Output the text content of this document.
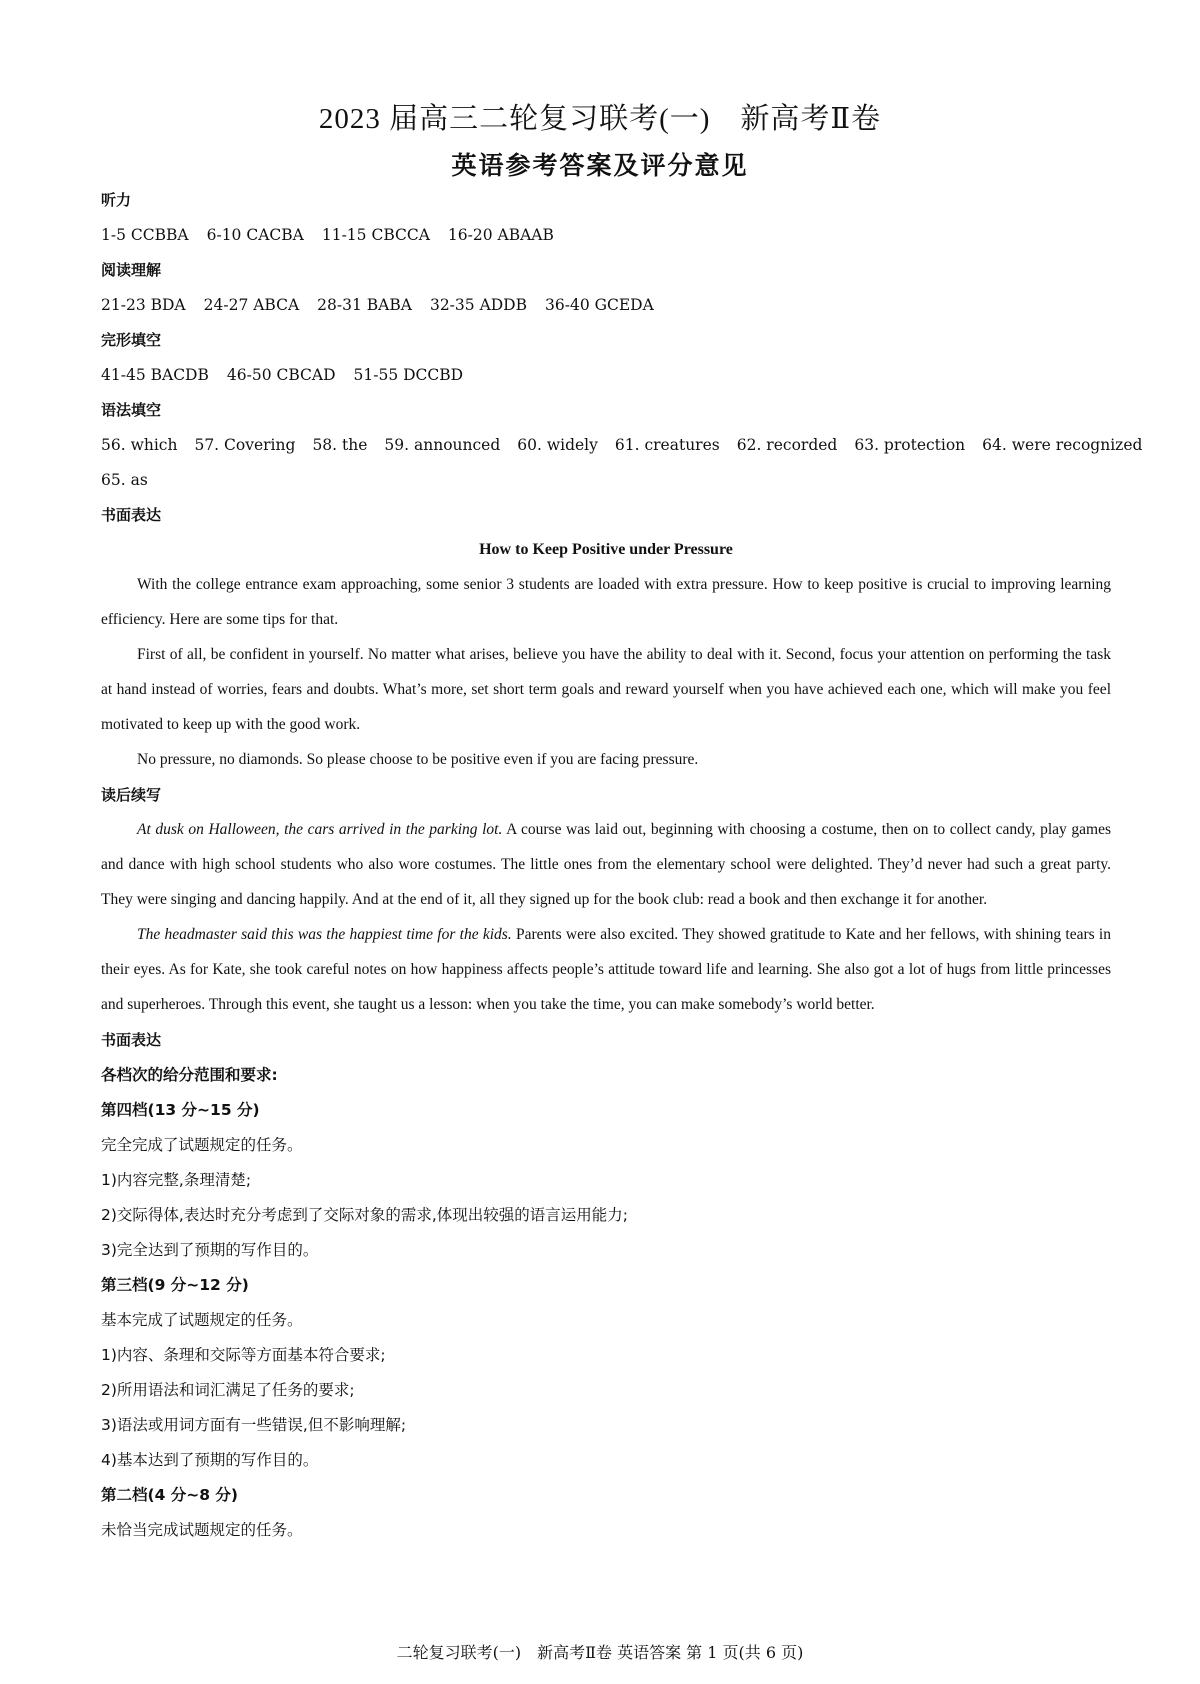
2023 届高三二轮复习联考(一)　新高考Ⅱ卷
英语参考答案及评分意见
听力
1-5 CCBBA 6-10 CACBA 11-15 CBCCA 16-20 ABAAB
阅读理解
21-23 BDA 24-27 ABCA 28-31 BABA 32-35 ADDB 36-40 GCEDA
完形填空
41-45 BACDB 46-50 CBCAD 51-55 DCCBD
语法填空
56. which 57. Covering 58. the 59. announced 60. widely 61. creatures 62. recorded 63. protection 64. were recognized
65. as
书面表达
How to Keep Positive under Pressure
With the college entrance exam approaching, some senior 3 students are loaded with extra pressure. How to keep positive is crucial to improving learning efficiency. Here are some tips for that.
First of all, be confident in yourself. No matter what arises, believe you have the ability to deal with it. Second, focus your attention on performing the task at hand instead of worries, fears and doubts. What’s more, set short term goals and reward yourself when you have achieved each one, which will make you feel motivated to keep up with the good work.
No pressure, no diamonds. So please choose to be positive even if you are facing pressure.
读后续写
At dusk on Halloween, the cars arrived in the parking lot. A course was laid out, beginning with choosing a costume, then on to collect candy, play games and dance with high school students who also wore costumes. The little ones from the elementary school were delighted. They’d never had such a great party. They were singing and dancing happily. And at the end of it, all they signed up for the book club: read a book and then exchange it for another.
The headmaster said this was the happiest time for the kids. Parents were also excited. They showed gratitude to Kate and her fellows, with shining tears in their eyes. As for Kate, she took careful notes on how happiness affects people’s attitude toward life and learning. She also got a lot of hugs from little princesses and superheroes. Through this event, she taught us a lesson: when you take the time, you can make somebody’s world better.
书面表达
各档次的给分范围和要求:
第四档(13 分~15 分)
完全完成了试题规定的任务。
1)内容完整,条理清楚;
2)交际得体,表达时充分考虑到了交际对象的需求,体现出较强的语言运用能力;
3)完全达到了预期的写作目的。
第三档(9 分~12 分)
基本完成了试题规定的任务。
1)内容、条理和交际等方面基本符合要求;
2)所用语法和词汇满足了任务的要求;
3)语法或用词方面有一些错误,但不影响理解;
4)基本达到了预期的写作目的。
第二档(4 分~8 分)
未恰当完成试题规定的任务。
二轮复习联考(一)　新高考Ⅱ卷 英语答案 第 1 页(共 6 页)
